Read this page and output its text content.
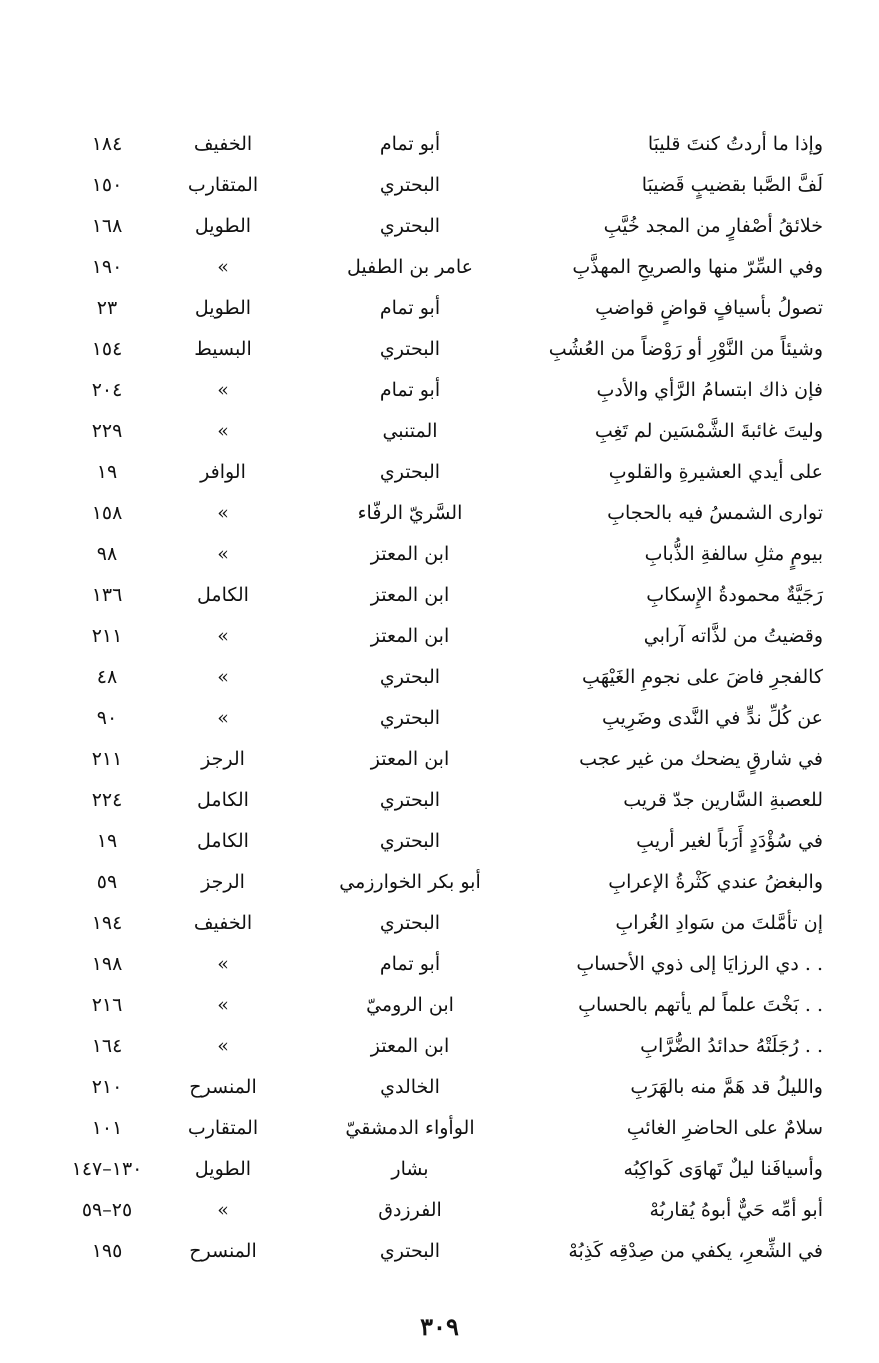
وإذا ما أردتُ كنتَ قليبَا
أبو تمام
الخفيف
١٨٤
لَفَّ الصَّبا بقضيبٍ قَضيبَا
البحتري
المتقارب
١٥٠
خلائقُ أصْفارٍ من المجد خُيَّبِ
البحتري
الطويل
١٦٨
وفي السِّرّ منها والصريحِ المهذَّبِ
عامر بن الطفيل
»
١٩٠
تصولُ بأسيافٍ قواضٍ قواضبِ
أبو تمام
الطويل
٢٣
وشيئاً من النَّوْرِ أو رَوْضاً من العُشُبِ
البحتري
البسيط
١٥٤
فإن ذاك ابتسامُ الرَّأي والأدبِ
أبو تمام
»
٢٠٤
وليتَ غائبةَ الشَّمْسَين لم تَغِبِ
المتنبي
»
٢٢٩
على أيدي العشيرةِ والقلوبِ
البحتري
الوافر
١٩
توارى الشمسُ فيه بالحجابِ
السَّريّ الرفّاء
»
١٥٨
بيومٍ مثلِ سالفةِ الذُّبابِ
ابن المعتز
»
٩٨
رَجَيَّةٌ محمودةُ الإِسكابِ
ابن المعتز
الكامل
١٣٦
وقضيتُ من لذَّاته آرابي
ابن المعتز
»
٢١١
كالفجرِ فاضَ على نجومِ الغَيْهَبِ
البحتري
»
٤٨
عن كُلِّ ندٍّ في النَّدى وضَرِيبِ
البحتري
»
٩٠
في شارقٍ يضحك من غير عجب
ابن المعتز
الرجز
٢١١
للعصبةِ السَّارين جدّ قريب
البحتري
الكامل
٢٢٤
في سُؤْدَدٍ أَرَباً لغير أريبِ
البحتري
الكامل
١٩
والبغضُ عندي كَثْرةُ الإعرابِ
أبو بكر الخوارزمي
الرجز
٥٩
إن تأمَّلتَ من سَوادِ الغُرابِ
البحتري
الخفيف
١٩٤
. . دي الرزايَا إلى ذوي الأحسابِ
أبو تمام
»
١٩٨
. . بَخْتَ علماً لم يأتهم بالحسابِ
ابن الروميّ
»
٢١٦
. . رُجَلَتْهُ حدائدُ الضُّرَّابِ
ابن المعتز
»
١٦٤
والليلُ قد هَمَّ منه بالهَرَبِ
الخالدي
المنسرح
٢١٠
سلامٌ على الحاضرِ الغائبِ
الوأواء الدمشقيّ
المتقارب
١٠١
وأسيافَنا ليلٌ تَهاوَى كَواكِبُه
بشار
الطويل
١٣٠–١٤٧
أبو أمِّه حَيٌّ أبوهُ يُقاربُهْ
الفرزدق
»
٢٥–٥٩
في الشِّعرِ، يكفي من صِدْقِه كَذِبُهْ
البحتري
المنسرح
١٩٥
٣٠٩
